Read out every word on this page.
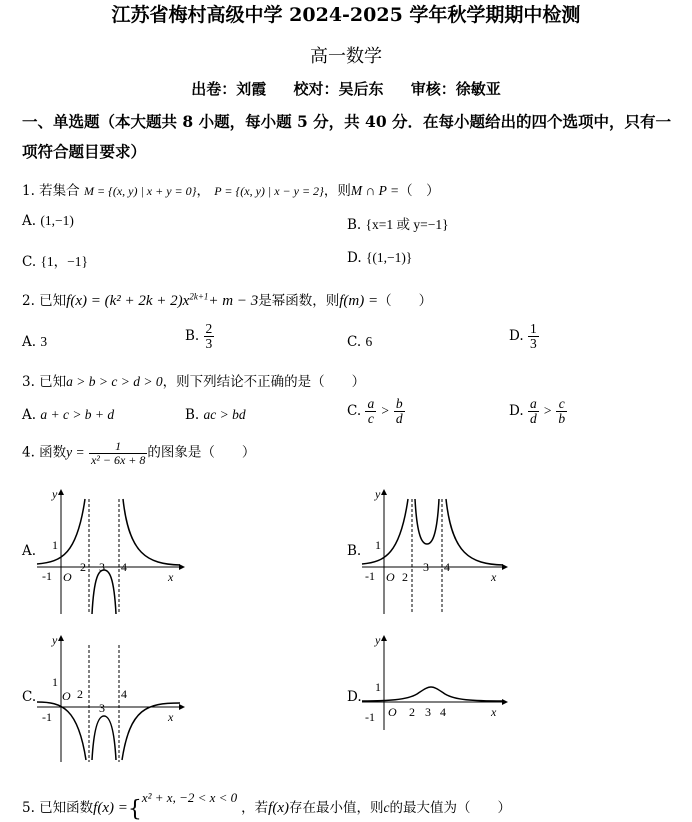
江苏省梅村高级中学 2024-2025 学年秋学期期中检测
高一数学
出卷：刘霞 校对：吴后东 审核：徐敏亚
一、单选题（本大题共 8 小题，每小题 5 分，共 40 分．在每小题给出的四个选项中，只有一
项符合题目要求）
1. 若集合 M = {(x, y) | x + y = 0}， P = {(x, y) | x − y = 2}，则M ∩ P =（　）
A. (1,−1)	B. {x=1 或 y=−1}
C. {1，−1}	D. {(1,−1)}
2. 已知$f(x) = (k^2 + 2k + 2)x^{2k+1}+ m - 3$是幂函数，则f(m) =（　　）
A. 3	B. $\frac{2}{3}$	C. 6	D. $\frac{1}{3}$
3. 已知a > b > c > d > 0，则下列结论不正确的是（　　）
A. a + c > b + d	B. ac > bd	C. $\frac{a}{c} > \frac{b}{d}$	D. $\frac{a}{d} > \frac{c}{b}$
4. 函数$y = \frac{1}{\text{x² − 6x + 8}}$ 的图象是（　　）
A.	B.
C.	D.
y
x
O
1
-1
2 3 4
y
x
O
1
-1 2
3 4
y
x
O
1
-1
2
3
4
y
x
O
1
-1	2 3 4
5. 已知函数f(x) ={x² + x, −2 < x < 0，若f(x)存在最小值，则c的最大值为（　　）
